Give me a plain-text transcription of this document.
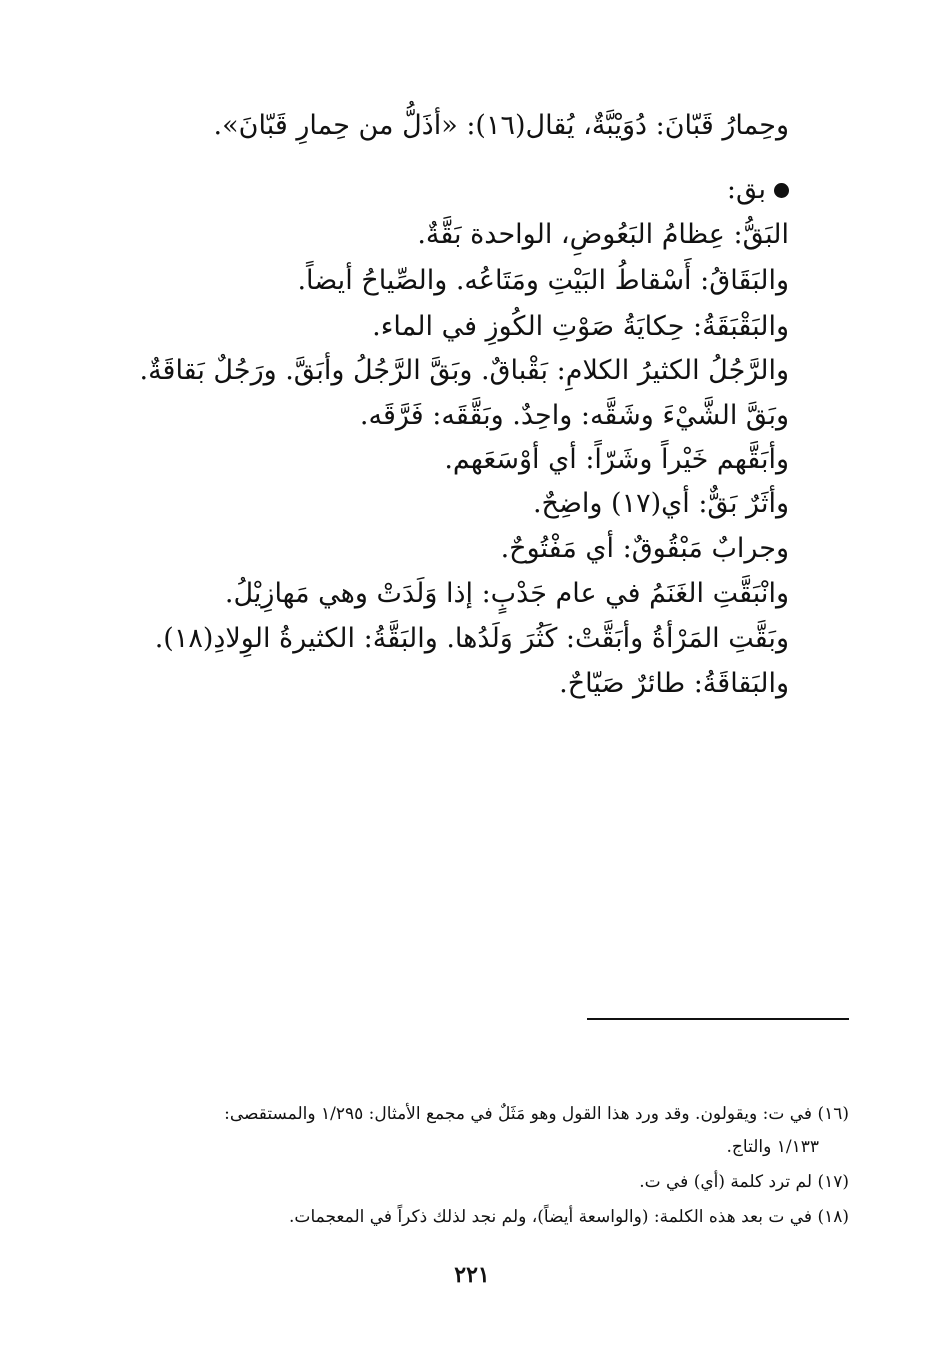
وحِمارُ قَبّانَ: دُوَيْبَّةٌ، يُقال(١٦): «أذَلُّ من حِمارِ قَبّانَ».
بق:
البَقُّ: عِظامُ البَعُوضِ، الواحدة بَقَّةٌ.
والبَقَاقُ: أَسْقاطُ البَيْتِ ومَتَاعُه. والصِّياحُ أيضاً.
والبَقْبَقَةُ: حِكايَةُ صَوْتِ الكُوزِ في الماء.
والرَّجُلُ الكثيرُ الكلامِ: بَقْباقٌ. وبَقَّ الرَّجُلُ وأبَقَّ. ورَجُلٌ بَقاقَةٌ.
وبَقَّ الشَّيْءَ وشَقَّه: واحِدٌ. وبَقَّقَه: فَرَّقَه.
وأبَقَّهم خَيْراً وشَرّاً: أي أوْسَعَهم.
وأثَرٌ بَقٌّ: أي(١٧) واضِحٌ.
وجرابٌ مَبْقُوقٌ: أي مَفْتُوحٌ.
وانْبَقَّتِ الغَنَمُ في عام جَدْبٍ: إذا وَلَدَتْ وهي مَهازِيْلُ.
وبَقَّتِ المَرْأةُ وأبَقَّتْ: كَثُرَ وَلَدُها. والبَقَّةُ: الكثيرةُ الوِلادِ(١٨).
والبَقاقَةُ: طائرٌ صَيّاحٌ.
(١٦) في ت: ويقولون. وقد ورد هذا القول وهو مَثَلٌ في مجمع الأمثال: ١/٢٩٥ والمستقصى:
١/١٣٣ والتاج.
(١٧) لم ترد كلمة (أي) في ت.
(١٨) في ت بعد هذه الكلمة: (والواسعة أيضاً)، ولم نجد لذلك ذكراً في المعجمات.
٢٢١
